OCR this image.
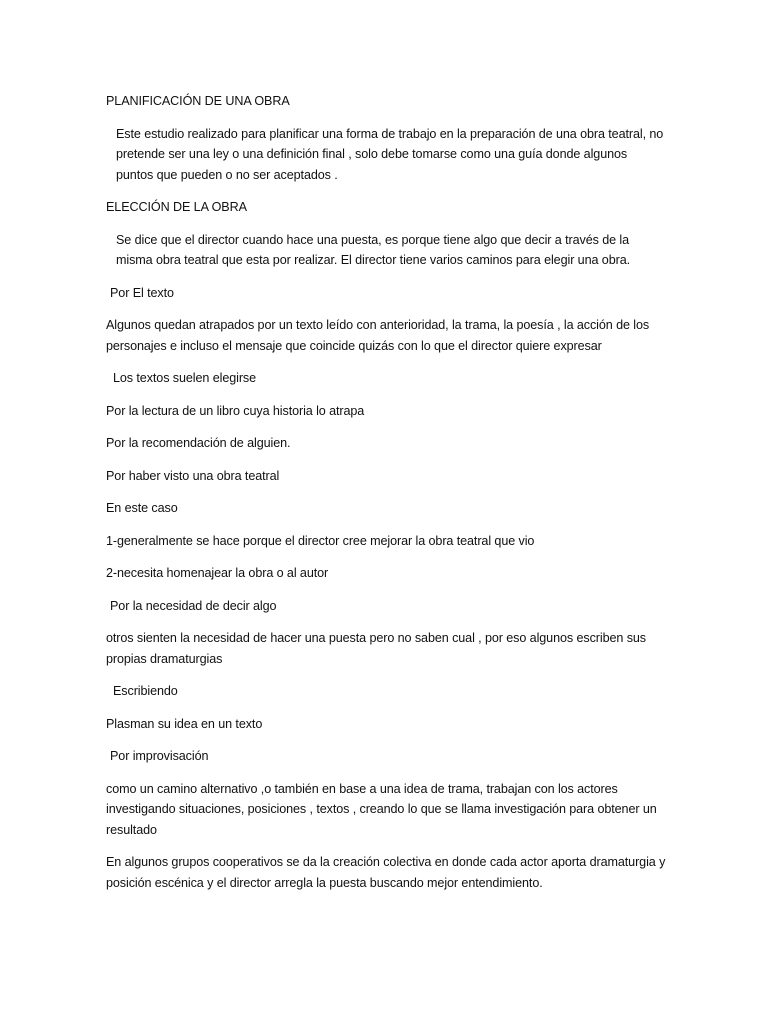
PLANIFICACIÓN DE UNA OBRA

Este estudio realizado para planificar una forma de trabajo en la preparación de una obra teatral, no pretende ser una ley o una definición final , solo debe tomarse como una guía donde algunos puntos que pueden o no ser aceptados .

ELECCIÓN DE LA OBRA

Se dice que el director cuando hace una puesta, es porque tiene algo que decir a través de la misma obra teatral que esta por realizar. El director tiene varios caminos para elegir una obra.

Por El texto

Algunos quedan atrapados por un texto leído con anterioridad, la trama, la poesía , la acción de los personajes e incluso el mensaje que coincide quizás con lo que el director quiere expresar

Los textos suelen elegirse

Por la lectura de un libro cuya historia lo atrapa

Por la recomendación de alguien.

Por haber visto una obra teatral

En este caso

1-generalmente se hace porque el director cree mejorar la obra teatral que vio

2-necesita homenajear la obra o al autor

Por la necesidad de decir algo

otros sienten la necesidad de hacer una puesta pero no saben cual , por eso algunos escriben sus propias dramaturgias

Escribiendo

Plasman su idea en un texto

Por improvisación

como un camino alternativo ,o también en base a una idea de trama, trabajan con los actores investigando situaciones, posiciones , textos , creando lo que se llama investigación para obtener un resultado

En algunos grupos cooperativos se da la creación colectiva en donde cada actor aporta dramaturgia y posición escénica y el director arregla la puesta buscando mejor entendimiento.
